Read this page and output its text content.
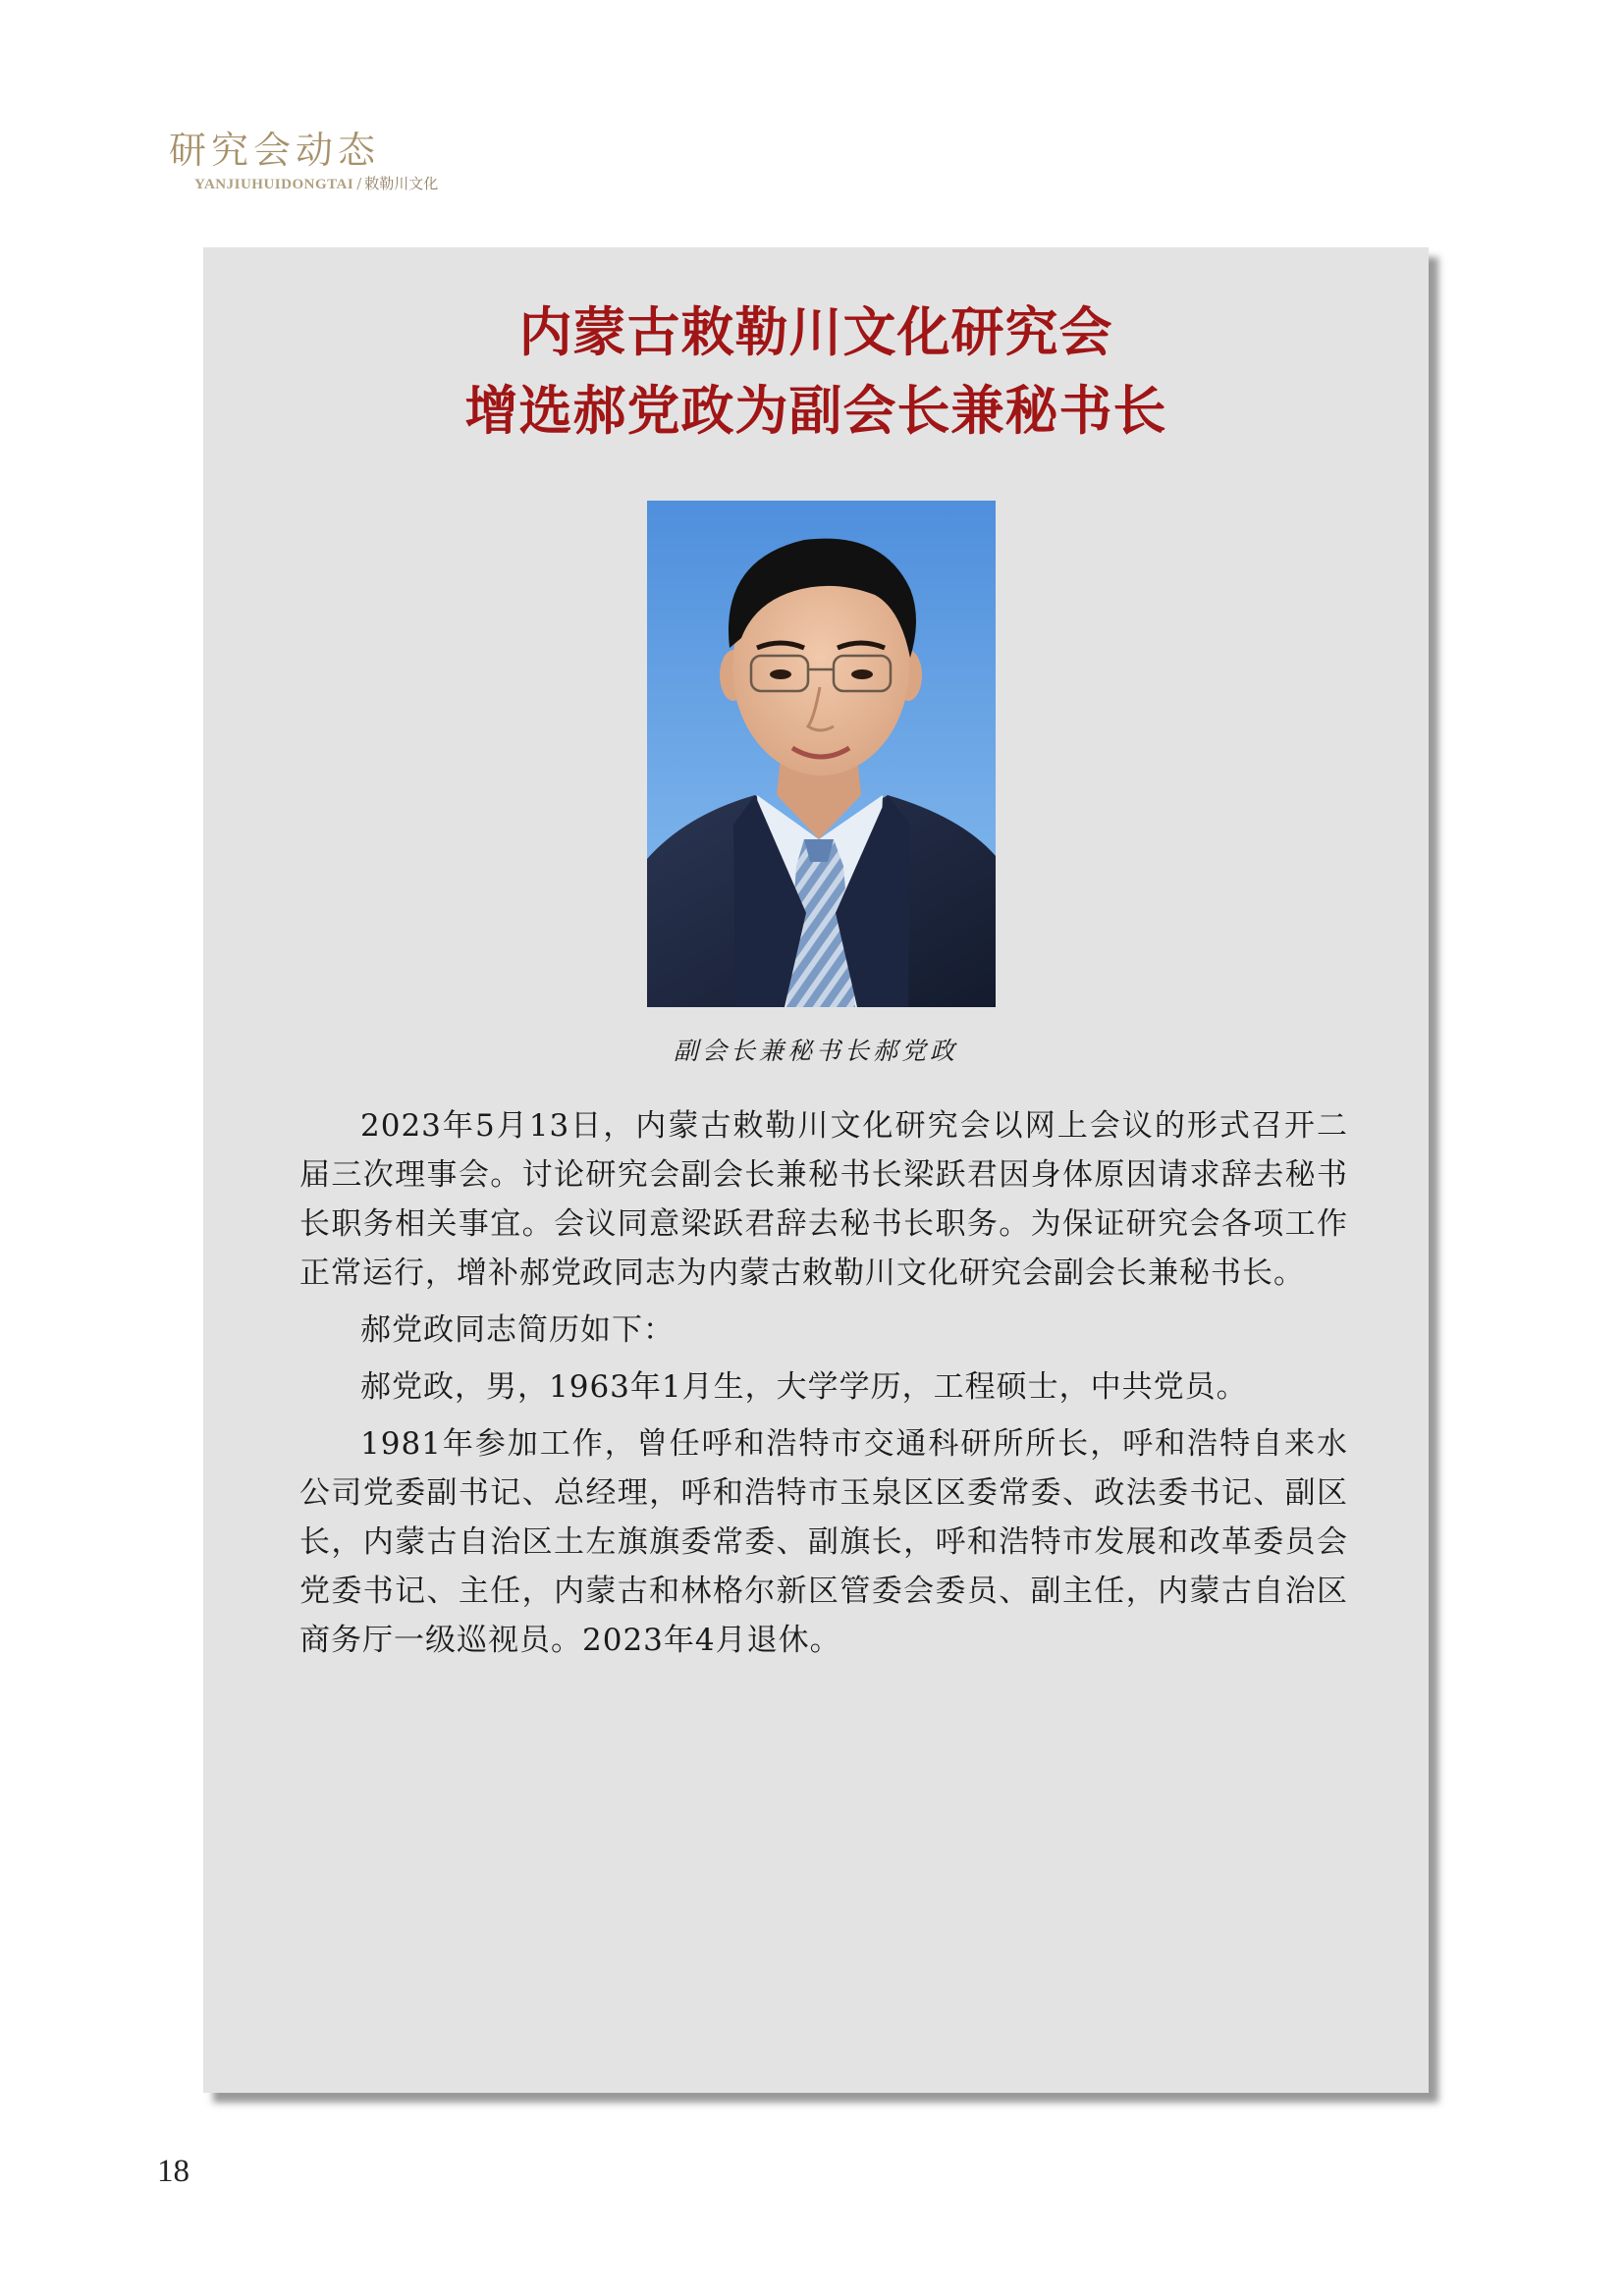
研究会动态
YANJIUHUIDONGTAI / 敕勒川文化
内蒙古敕勒川文化研究会
增选郝党政为副会长兼秘书长
副会长兼秘书长郝党政

2023年5月13日，内蒙古敕勒川文化研究会以网上会议的形式召开二届三次理事会。讨论研究会副会长兼秘书长梁跃君因身体原因请求辞去秘书长职务相关事宜。会议同意梁跃君辞去秘书长职务。为保证研究会各项工作正常运行，增补郝党政同志为内蒙古敕勒川文化研究会副会长兼秘书长。

郝党政同志简历如下：

郝党政，男，1963年1月生，大学学历，工程硕士，中共党员。

1981年参加工作，曾任呼和浩特市交通科研所所长，呼和浩特自来水公司党委副书记、总经理，呼和浩特市玉泉区区委常委、政法委书记、副区长，内蒙古自治区土左旗旗委常委、副旗长，呼和浩特市发展和改革委员会党委书记、主任，内蒙古和林格尔新区管委会委员、副主任，内蒙古自治区商务厅一级巡视员。2023年4月退休。

18
